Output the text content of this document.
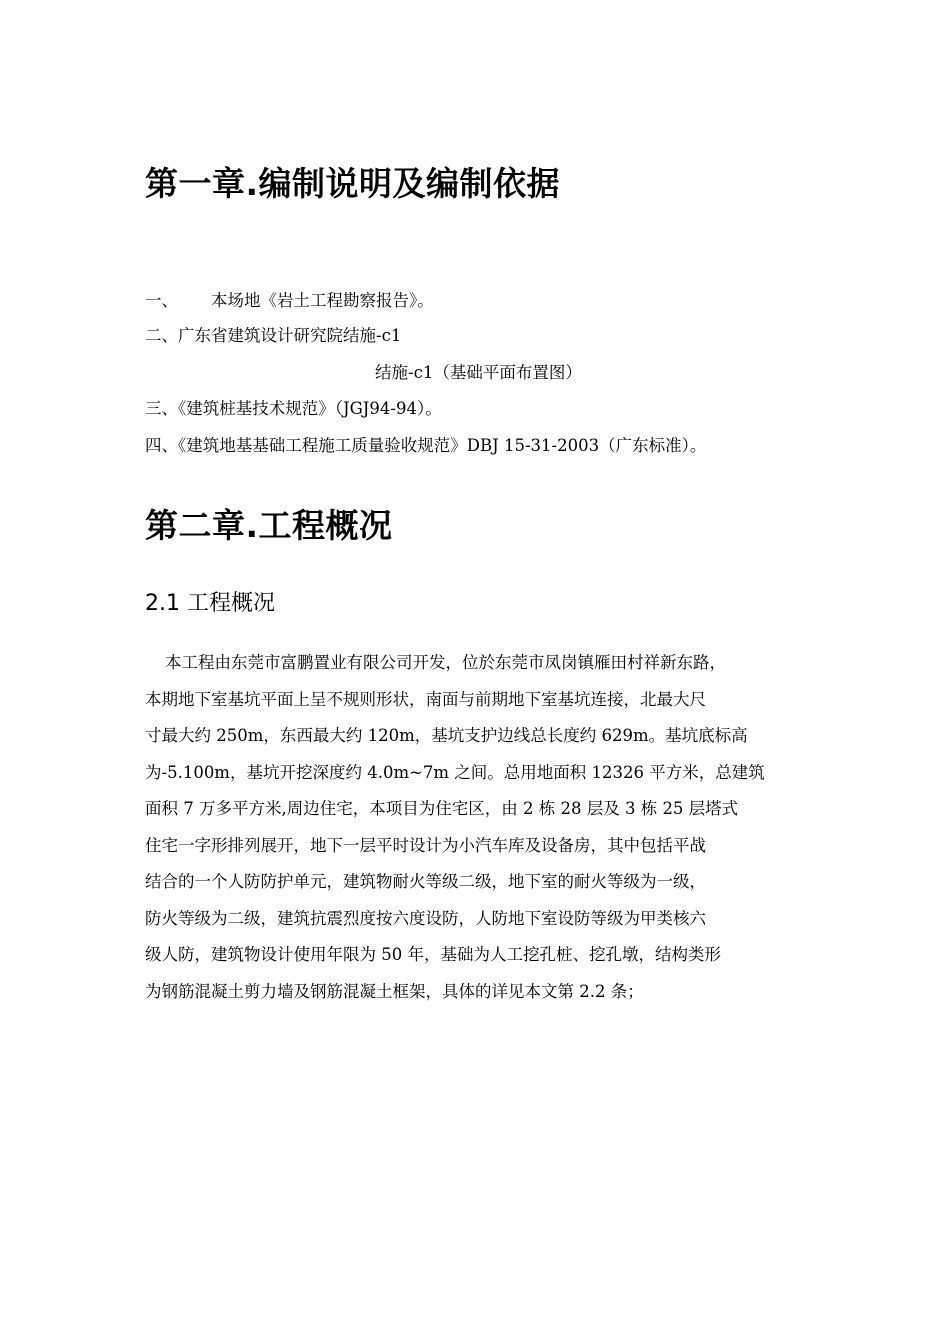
第一章.编制说明及编制依据
一、 本场地《岩土工程勘察报告》。
二、广东省建筑设计研究院结施-c1
结施-c1（基础平面布置图）
三、《建筑桩基技术规范》（JGJ94-94）。
四、《建筑地基基础工程施工质量验收规范》DBJ 15-31-2003（广东标准）。
第二章.工程概况
2.1 工程概况
本工程由东莞市富鹏置业有限公司开发，位於东莞市凤岗镇雁田村祥新东路，
本期地下室基坑平面上呈不规则形状，南面与前期地下室基坑连接，北最大尺
寸最大约 250m，东西最大约 120m，基坑支护边线总长度约 629m。基坑底标高
为-5.100m，基坑开挖深度约 4.0m~7m 之间。总用地面积 12326 平方米，总建筑
面积 7 万多平方米,周边住宅，本项目为住宅区，由 2 栋 28 层及 3 栋 25 层塔式
住宅一字形排列展开，地下一层平时设计为小汽车库及设备房，其中包括平战
结合的一个人防防护单元，建筑物耐火等级二级，地下室的耐火等级为一级，
防火等级为二级，建筑抗震烈度按六度设防，人防地下室设防等级为甲类核六
级人防，建筑物设计使用年限为 50 年，基础为人工挖孔桩、挖孔墩，结构类形
为钢筋混凝土剪力墙及钢筋混凝土框架，具体的详见本文第 2.2 条；
